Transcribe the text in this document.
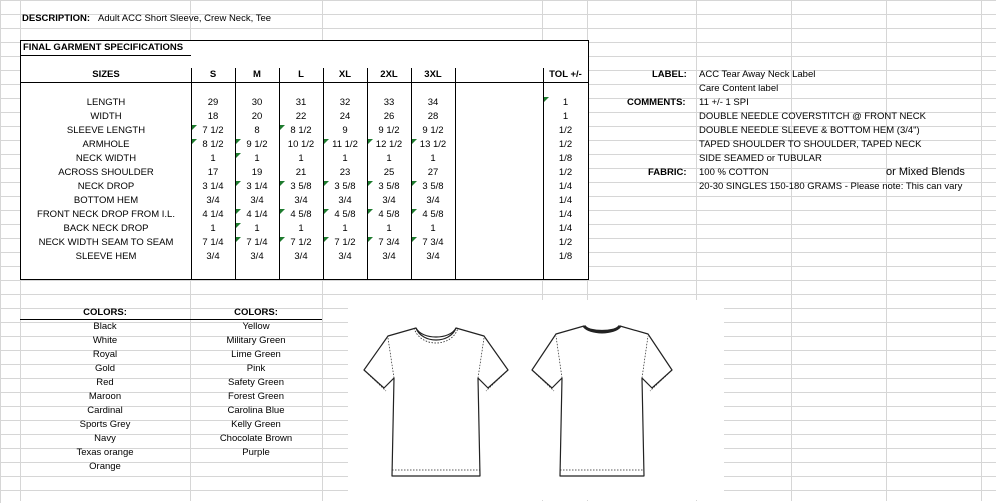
DESCRIPTION: Adult ACC Short Sleeve, Crew Neck, Tee
FINAL GARMENT SPECIFICATIONS
SIZES	S	M	L	XL	2XL	3XL	TOL +/-
LENGTH	29	30	31	32	33	34	1
WIDTH	18	20	22	24	26	28	1
SLEEVE LENGTH	7 1/2	8	8 1/2	9	9 1/2	9 1/2	1/2
ARMHOLE	8 1/2	9 1/2	10 1/2	11 1/2	12 1/2	13 1/2	1/2
NECK WIDTH	1	1	1	1	1	1	1/8
ACROSS SHOULDER	17	19	21	23	25	27	1/2
NECK DROP	3 1/4	3 1/4	3 5/8	3 5/8	3 5/8	3 5/8	1/4
BOTTOM HEM	3/4	3/4	3/4	3/4	3/4	3/4	1/4
FRONT NECK DROP FROM I.L.	4 1/4	4 1/4	4 5/8	4 5/8	4 5/8	4 5/8	1/4
BACK NECK DROP	1	1	1	1	1	1	1/4
NECK WIDTH SEAM TO SEAM	7 1/4	7 1/4	7 1/2	7 1/2	7 3/4	7 3/4	1/2
SLEEVE HEM	3/4	3/4	3/4	3/4	3/4	3/4	1/8
LABEL: ACC Tear Away Neck Label
Care Content label
COMMENTS: 11 +/- 1 SPI
DOUBLE NEEDLE COVERSTITCH @ FRONT NECK
DOUBLE NEEDLE SLEEVE & BOTTOM HEM (3/4")
TAPED SHOULDER TO SHOULDER, TAPED NECK
SIDE SEAMED or TUBULAR
FABRIC: 100 % COTTON	or Mixed Blends
20-30 SINGLES 150-180 GRAMS - Please note: This can vary
COLORS:	COLORS:
Black
White
Royal
Gold
Red
Maroon
Cardinal
Sports Grey
Navy
Texas orange
Orange
Yellow
Military Green
Lime Green
Pink
Safety Green
Forest Green
Carolina Blue
Kelly Green
Chocolate Brown
Purple
